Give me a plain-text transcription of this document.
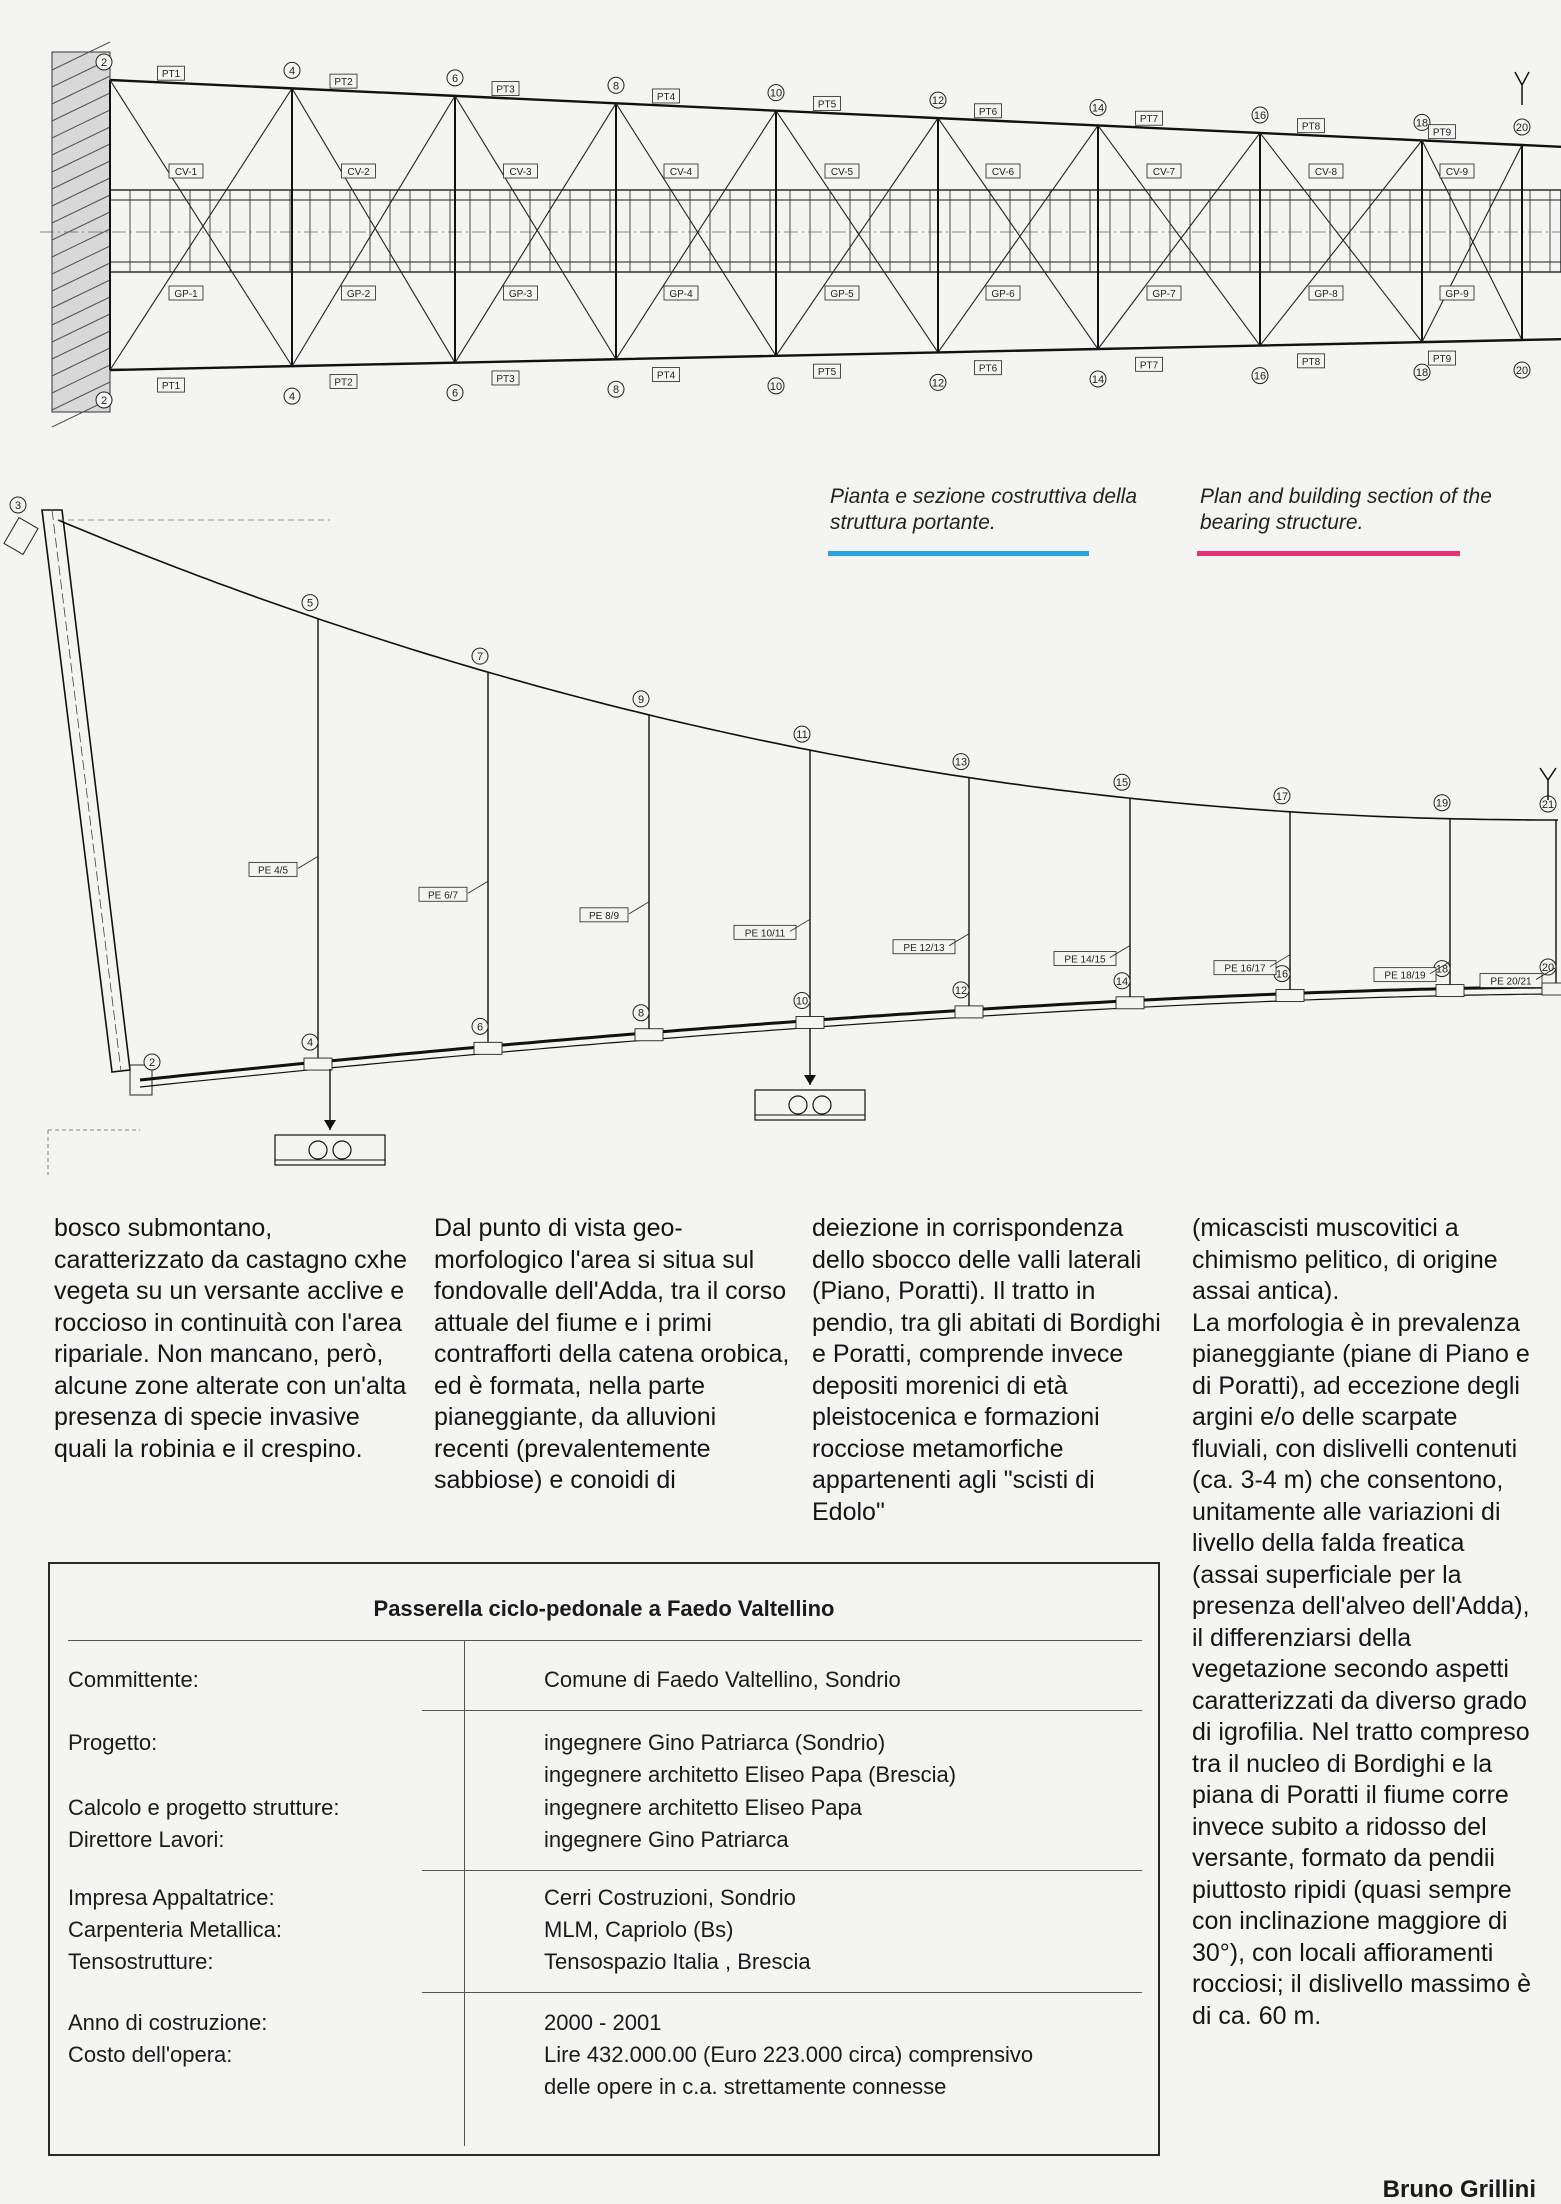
2
2
4
4
6
6
8
8
10
10
12
12
14
14
16
16
18
18
20
20
PT1
PT1
CV-1
GP-1
PT2
PT2
CV-2
GP-2
PT3
PT3
CV-3
GP-3
PT4
PT4
CV-4
GP-4
PT5
PT5
CV-5
GP-5
PT6
PT6
CV-6
GP-6
PT7
PT7
CV-7
GP-7
PT8
PT8
CV-8
GP-8
PT9
PT9
CV-9
GP-9
3
2
5
4
PE 4/5
7
6
PE 6/7
9
8
PE 8/9
11
10
PE 10/11
13
12
PE 12/13
15
14
PE 14/15
17
16
PE 16/17
19
18
PE 18/19
21
20
PE 20/21
Pianta e sezione costruttiva della struttura portante.
Plan and building section of the bearing structure.
bosco submontano, caratterizzato da castagno cxhe vegeta su un versante acclive e roccioso in continuità con l'area ripariale. Non mancano, però, alcune zone alterate con un'alta presenza di specie invasive quali la robinia e il crespino.
Dal punto di vista geo-morfologico l'area si situa sul fondovalle dell'Adda, tra il corso attuale del fiume e i primi contrafforti della catena orobica, ed è formata, nella parte pianeggiante, da alluvioni recenti (prevalentemente sabbiose) e conoidi di
deiezione in corrispondenza dello sbocco delle valli laterali (Piano, Poratti). Il tratto in pendio, tra gli abitati di Bordighi e Poratti, comprende invece depositi morenici di età pleistocenica e formazioni rocciose metamorfiche appartenenti agli "scisti di Edolo"
(micascisti muscovitici a chimismo pelitico, di origine assai antica).
La morfologia è in prevalenza pianeggiante (piane di Piano e di Poratti), ad eccezione degli argini e/o delle scarpate fluviali, con dislivelli contenuti (ca. 3-4 m) che consentono, unitamente alle variazioni di livello della falda freatica (assai superficiale per la presenza dell'alveo dell'Adda), il differenziarsi della vegetazione secondo aspetti caratterizzati da diverso grado di igrofilia. Nel tratto compreso tra il nucleo di Bordighi e la piana di Poratti il fiume corre invece subito a ridosso del versante, formato da pendii piuttosto ripidi (quasi sempre con inclinazione maggiore di 30°), con locali affioramenti rocciosi; il dislivello massimo è di ca. 60 m.
Bruno Grillini
Passerella ciclo-pedonale a Faedo Valtellino
Committente:	Comune di Faedo Valtellino, Sondrio
Progetto:	ingegnere Gino Patriarca (Sondrio)
ingegnere architetto Eliseo Papa (Brescia)
Calcolo e progetto strutture:	ingegnere architetto Eliseo Papa
Direttore Lavori:	ingegnere Gino Patriarca
Impresa Appaltatrice:	Cerri Costruzioni, Sondrio
Carpenteria Metallica:	MLM, Capriolo (Bs)
Tensostrutture:	Tensospazio Italia , Brescia
Anno di costruzione:	2000 - 2001
Costo dell'opera:	Lire 432.000.00 (Euro 223.000 circa) comprensivo
delle opere in c.a. strettamente connesse
